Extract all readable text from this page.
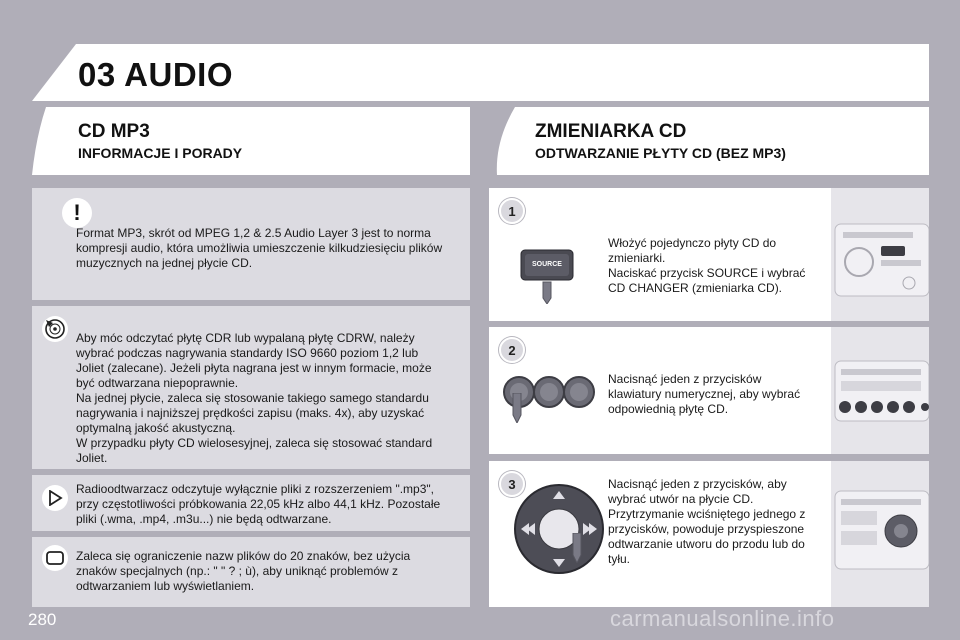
03 AUDIO
CD MP3
INFORMACJE I PORADY
ZMIENIARKA CD
ODTWARZANIE PŁYTY CD (BEZ MP3)
!
Format MP3, skrót od MPEG 1,2 & 2.5 Audio Layer 3 jest to norma
kompresji audio, która umożliwia umieszczenie kilkudziesięciu plików
muzycznych na jednej płycie CD.
Aby móc odczytać płytę CDR lub wypalaną płytę CDRW, należy
wybrać podczas nagrywania standardy ISO 9660 poziom 1,2 lub
Joliet (zalecane). Jeżeli płyta nagrana jest w innym formacie, może
być odtwarzana niepoprawnie.
Na jednej płycie, zaleca się stosowanie takiego samego standardu
nagrywania i najniższej prędkości zapisu (maks. 4x), aby uzyskać
optymalną jakość akustyczną.
W przypadku płyty CD wielosesyjnej, zaleca się stosować standard
Joliet.
Radioodtwarzacz odczytuje wyłącznie pliki z rozszerzeniem ".mp3",
przy częstotliwości próbkowania 22,05 kHz albo 44,1 kHz. Pozostałe
pliki (.wma, .mp4, .m3u...) nie będą odtwarzane.
Zaleca się ograniczenie nazw plików do 20 znaków, bez użycia
znaków specjalnych (np.: " " ? ; ù), aby uniknąć problemów z
odtwarzaniem lub wyświetlaniem.
1
SOURCE
Włożyć pojedynczo płyty CD do
zmieniarki.
Naciskać przycisk SOURCE i wybrać
CD CHANGER (zmieniarka CD).
2
Nacisnąć jeden z przycisków
klawiatury numerycznej, aby wybrać
odpowiednią płytę CD.
3	Nacisnąć jeden z przycisków, aby
wybrać utwór na płycie CD.
Przytrzymanie wciśniętego jednego z
przycisków, powoduje przyspieszone
odtwarzanie utworu do przodu lub do
tyłu.
280	carmanualsonline.info
